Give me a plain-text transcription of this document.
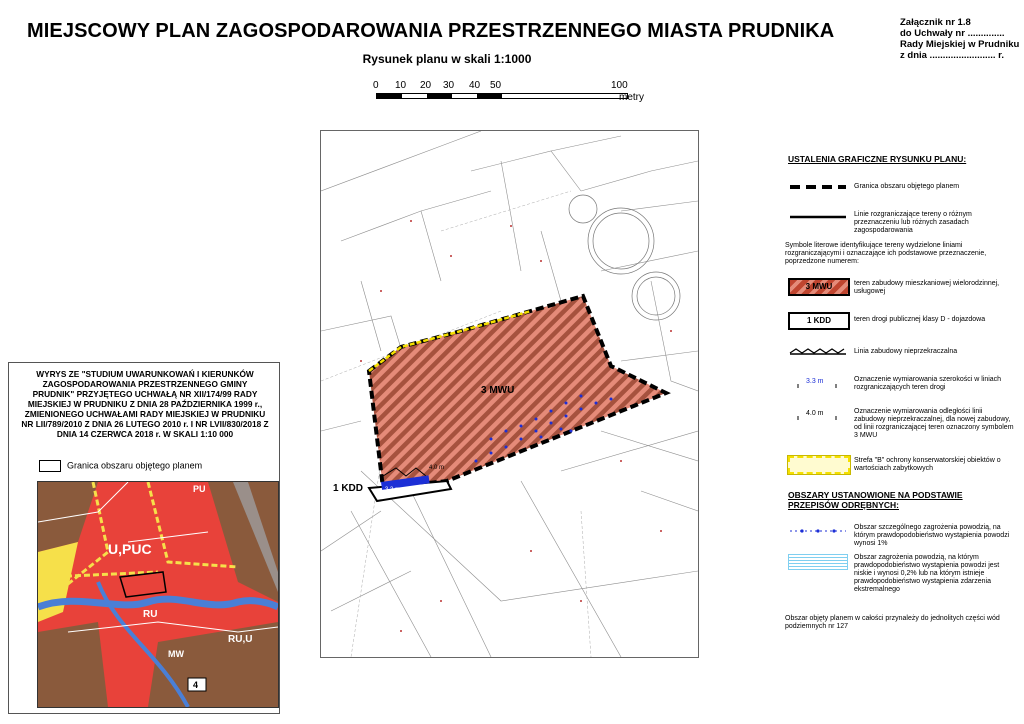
MIEJSCOWY PLAN ZAGOSPODAROWANIA PRZESTRZENNEGO MIASTA PRUDNIKA
Rysunek planu w skali 1:1000
Załącznik nr 1.8
do Uchwały nr ..............
Rady Miejskiej w Prudniku
z dnia ......................... r.
0 10 20 30 40 50	100
metry
3 MWU
1 KDD	3.3 m
4.0 m
USTALENIA GRAFICZNE RYSUNKU PLANU:
Granica obszaru objętego planem
Linie rozgraniczające tereny o różnym przeznaczeniu lub różnych zasadach zagospodarowania
Symbole literowe identyfikujące tereny wydzielone liniami rozgraniczającymi i oznaczające ich podstawowe przeznaczenie, poprzedzone numerem:
3 MWU	teren zabudowy mieszkaniowej wielorodzinnej, usługowej
1 KDD	teren drogi publicznej klasy D - dojazdowa
Linia zabudowy nieprzekraczalna
3.3 m	Oznaczenie wymiarowania szerokości w liniach rozgraniczających teren drogi
4.0 m	Oznaczenie wymiarowania odległości linii zabudowy nieprzekraczalnej, dla nowej zabudowy, od linii rozgraniczającej teren oznaczony symbolem 3 MWU
Strefa "B" ochrony konserwatorskiej obiektów o wartościach zabytkowych
OBSZARY USTANOWIONE NA PODSTAWIE PRZEPISÓW ODRĘBNYCH:
Obszar szczególnego zagrożenia powodzią, na którym prawdopodobieństwo wystąpienia powodzi wynosi 1%
Obszar zagrożenia powodzią, na którym prawdopodobieństwo wystąpienia powodzi jest niskie i wynosi 0,2% lub na którym istnieje prawdopodobieństwo wystąpienia zdarzenia ekstremalnego
Obszar objęty planem w całości przynależy do jednolitych części wód podziemnych nr 127
WYRYS ZE "STUDIUM UWARUNKOWAŃ I KIERUNKÓW ZAGOSPODAROWANIA PRZESTRZENNEGO GMINY PRUDNIK" PRZYJĘTEGO UCHWAŁĄ NR XII/174/99 RADY MIEJSKIEJ W PRUDNIKU Z DNIA 28 PAŹDZIERNIKA 1999 r., ZMIENIONEGO UCHWAŁAMI RADY MIEJSKIEJ W PRUDNIKU NR LII/789/2010 Z DNIA 26 LUTEGO 2010 r. I NR LVII/830/2018 Z DNIA 14 CZERWCA 2018 r. W SKALI 1:10 000
Granica obszaru objętego planem
U,PUC
RU
RU,U
MW
PU
4
